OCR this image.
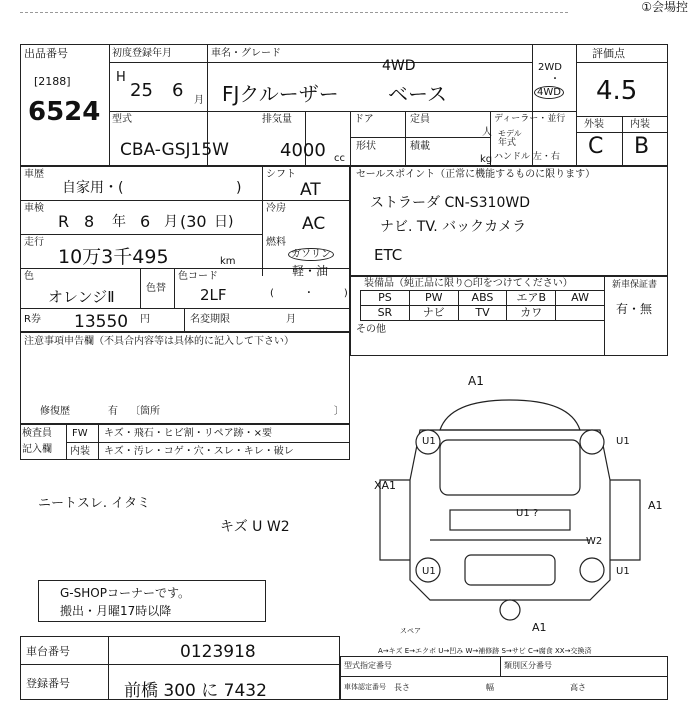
①会場控
出品番号
[2188]
6524
初度登録年月
H
25 6 月
車名・グレード
4WD
FJクルーザー ベース
2WD
・
4WD
評価点
4.5
外装	内装
C B
型式
CBA-GSJ15W
排気量
4000 cc
ドア
形状
定員
積載
人
kg
ディーラー・並行
モデル
年式
ハンドル 左・右
車歴
自家用・(	)
シフト
AT
車検
R 8 年 6 月 (30 日)
冷房
AC
走行
10万3千495	km
燃料
ガソリン
軽・油
(　　　・　　　)
色
オレンジⅡ	色替
色コード
2LF
R券 13550 円	名変期限	月
セールスポイント（正常に機能するものに限ります）
ストラーダ CN-S310WD
ナビ. TV. バックカメラ
ETC
装備品（純正品に限り○印をつけてください）
PS	PW	ABS	エアB	AW
SR	ナビ	TV	カワ
新車保証書
有・無
その他
注意事項申告欄（不具合内容等は具体的に記入して下さい）
修復歴	有 〔箇所	〕
検査員
記入欄
FW キズ・飛石・ヒビ割・リペア跡・×要
内装 キズ・汚レ・コゲ・穴・スレ・キレ・破レ
ニートスレ. イタミ
キズ U W2
G-SHOPコーナーです。
搬出・月曜17時以降
A1
U1	U1
U1	U1
XA1
A1
U1 ?
W2
A1
スペア
A→キズ E→エクボ U→凹み W→補修跡 S→サビ C→腐食 XX→交換済
車台番号	0123918
登録番号	前橋 300 に 7432
型式指定番号	類別区分番号
車体認定番号 長さ	幅	高さ
